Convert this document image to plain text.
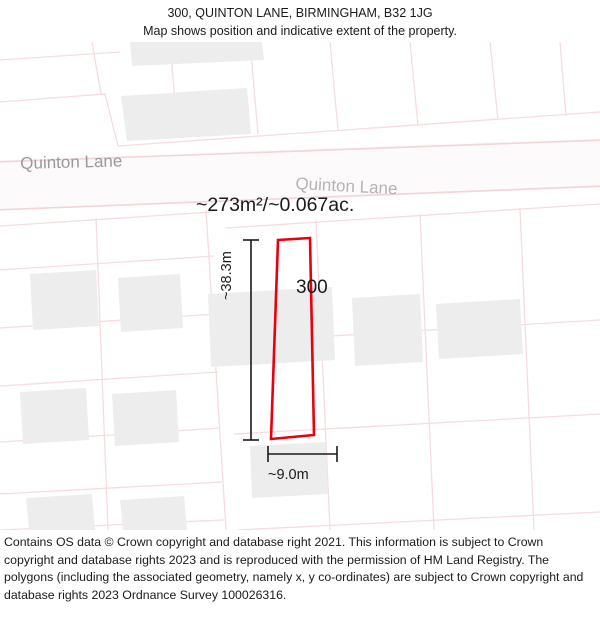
300, QUINTON LANE, BIRMINGHAM, B32 1JG
Map shows position and indicative extent of the property.
Quinton Lane
Quinton Lane
~273m²/~0.067ac.
300
~38.3m
~9.0m
Contains OS data © Crown copyright and database right 2021. This information is subject to Crown copyright and database rights 2023 and is reproduced with the permission of HM Land Registry. The polygons (including the associated geometry, namely x, y co-ordinates) are subject to Crown copyright and database rights 2023 Ordnance Survey 100026316.
